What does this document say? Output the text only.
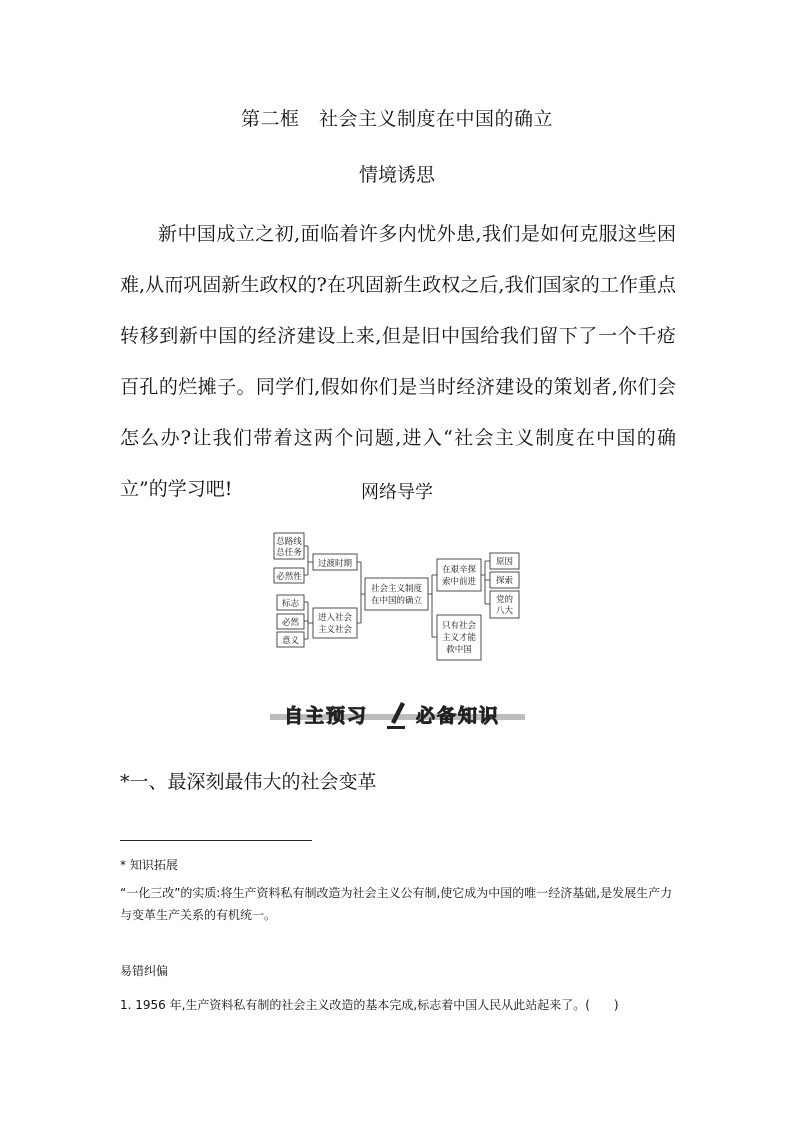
第二框　社会主义制度在中国的确立
情境诱思
新中国成立之初,面临着许多内忧外患,我们是如何克服这些困难,从而巩固新生政权的?在巩固新生政权之后,我们国家的工作重点转移到新中国的经济建设上来,但是旧中国给我们留下了一个千疮百孔的烂摊子。同学们,假如你们是当时经济建设的策划者,你们会怎么办?让我们带着这两个问题,进入“社会主义制度在中国的确立”的学习吧!	网络导学
总路线
总任务
必然性
标志
必然
意义
过渡时期
进入社会
主义社会
社会主义制度
在中国的确立
在艰辛探
索中前进
只有社会
主义才能
救中国
原因
探索
党的
八大
自主预习	必备知识
*一、最深刻最伟大的社会变革
* 知识拓展
“一化三改”的实质:将生产资料私有制改造为社会主义公有制,使它成为中国的唯一经济基础,是发展生产力与变革生产关系的有机统一。
易错纠偏
1. 1956 年,生产资料私有制的社会主义改造的基本完成,标志着中国人民从此站起来了。(　　)
